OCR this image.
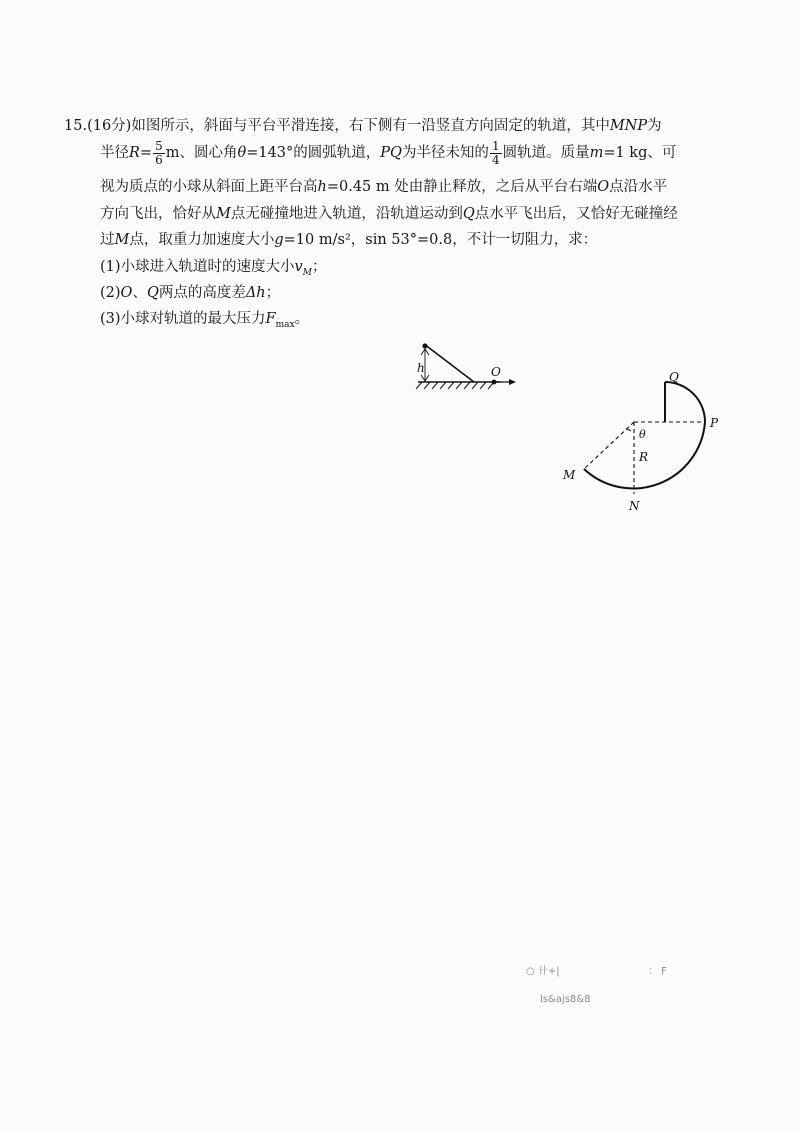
15.(16分)如图所示，斜面与平台平滑连接，右下侧有一沿竖直方向固定的轨道，其中MNP为
半径$R= \frac{5}{6}$ m、圆心角θ=143°的圆弧轨道，PQ为半径未知的 $\frac{1}{4}$ 圆轨道。质量m=1 kg、可
视为质点的小球从斜面上距平台高h=0.45 m 处由静止释放，之后从平台右端O点沿水平
方向飞出，恰好从M点无碰撞地进入轨道，沿轨道运动到Q点水平飞出后，又恰好无碰撞经
过M点，取重力加速度大小g=10 m/s²，sin 53°=0.8，不计一切阻力，求：
(1)小球进入轨道时的速度大小$v_M$；
(2)O、Q两点的高度差Δh；
(3)小球对轨道的最大压力$F_{max}$。
h	O	Q
P
θ
R
M
N
○ 卄+|	： F
ls&ajs8&8
